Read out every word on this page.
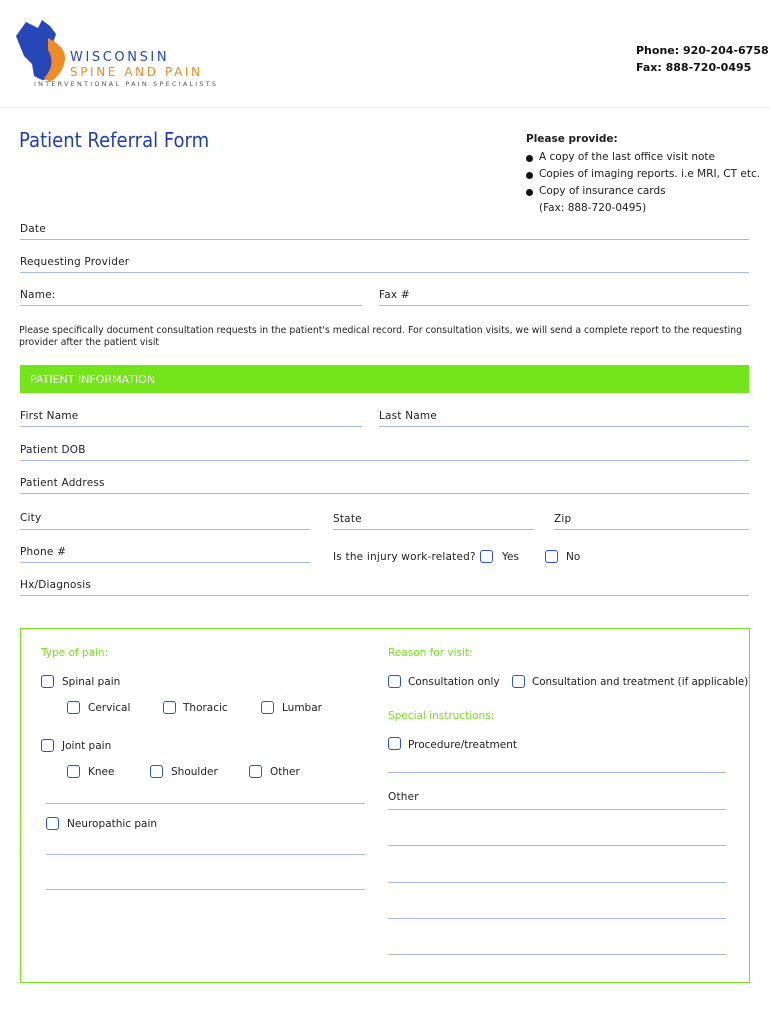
WISCONSIN
SPINE AND PAIN
INTERVENTIONAL PAIN SPECIALISTS
Phone: 920-204-6758
Fax: 888-720-0495
Patient Referral Form	Please provide:
A copy of the last office visit note
Copies of imaging reports. i.e MRI, CT etc.
Copy of insurance cards
(Fax: 888-720-0495)
Date
Requesting Provider
Name:	Fax #
Please specifically document consultation requests in the patient's medical record. For consultation visits, we will send a complete report to the requesting provider after the patient visit
PATIENT INFORMATION
First Name	Last Name
Patient DOB
Patient Address
City	State	Zip
Phone #	Is the injury work-related? Yes	No
Hx/Diagnosis
Type of pain:
Spinal pain
Cervical	Thoracic	Lumbar
Joint pain
Knee	Shoulder	Other
Neuropathic pain
Reason for visit:
Consultation only	Consultation and treatment (if applicable)
Special instructions:
Procedure/treatment
Other
